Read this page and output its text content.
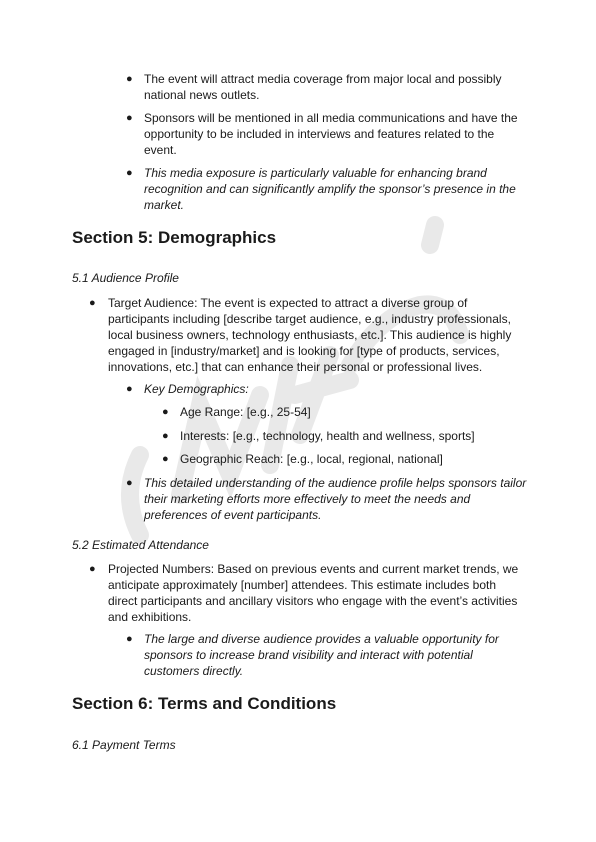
● The event will attract media coverage from major local and possibly
national news outlets.
● Sponsors will be mentioned in all media communications and have the
opportunity to be included in interviews and features related to the
event.
● This media exposure is particularly valuable for enhancing brand
recognition and can significantly amplify the sponsor’s presence in the
market.
Section 5: Demographics
5.1 Audience Profile
● Target Audience: The event is expected to attract a diverse group of
participants including [describe target audience, e.g., industry professionals,
local business owners, technology enthusiasts, etc.]. This audience is highly
engaged in [industry/market] and is looking for [type of products, services,
innovations, etc.] that can enhance their personal or professional lives.
● Key Demographics:
● Age Range: [e.g., 25-54]
● Interests: [e.g., technology, health and wellness, sports]
● Geographic Reach: [e.g., local, regional, national]
● This detailed understanding of the audience profile helps sponsors tailor
their marketing efforts more effectively to meet the needs and
preferences of event participants.
5.2 Estimated Attendance
● Projected Numbers: Based on previous events and current market trends, we
anticipate approximately [number] attendees. This estimate includes both
direct participants and ancillary visitors who engage with the event’s activities
and exhibitions.
● The large and diverse audience provides a valuable opportunity for
sponsors to increase brand visibility and interact with potential
customers directly.
Section 6: Terms and Conditions
6.1 Payment Terms
